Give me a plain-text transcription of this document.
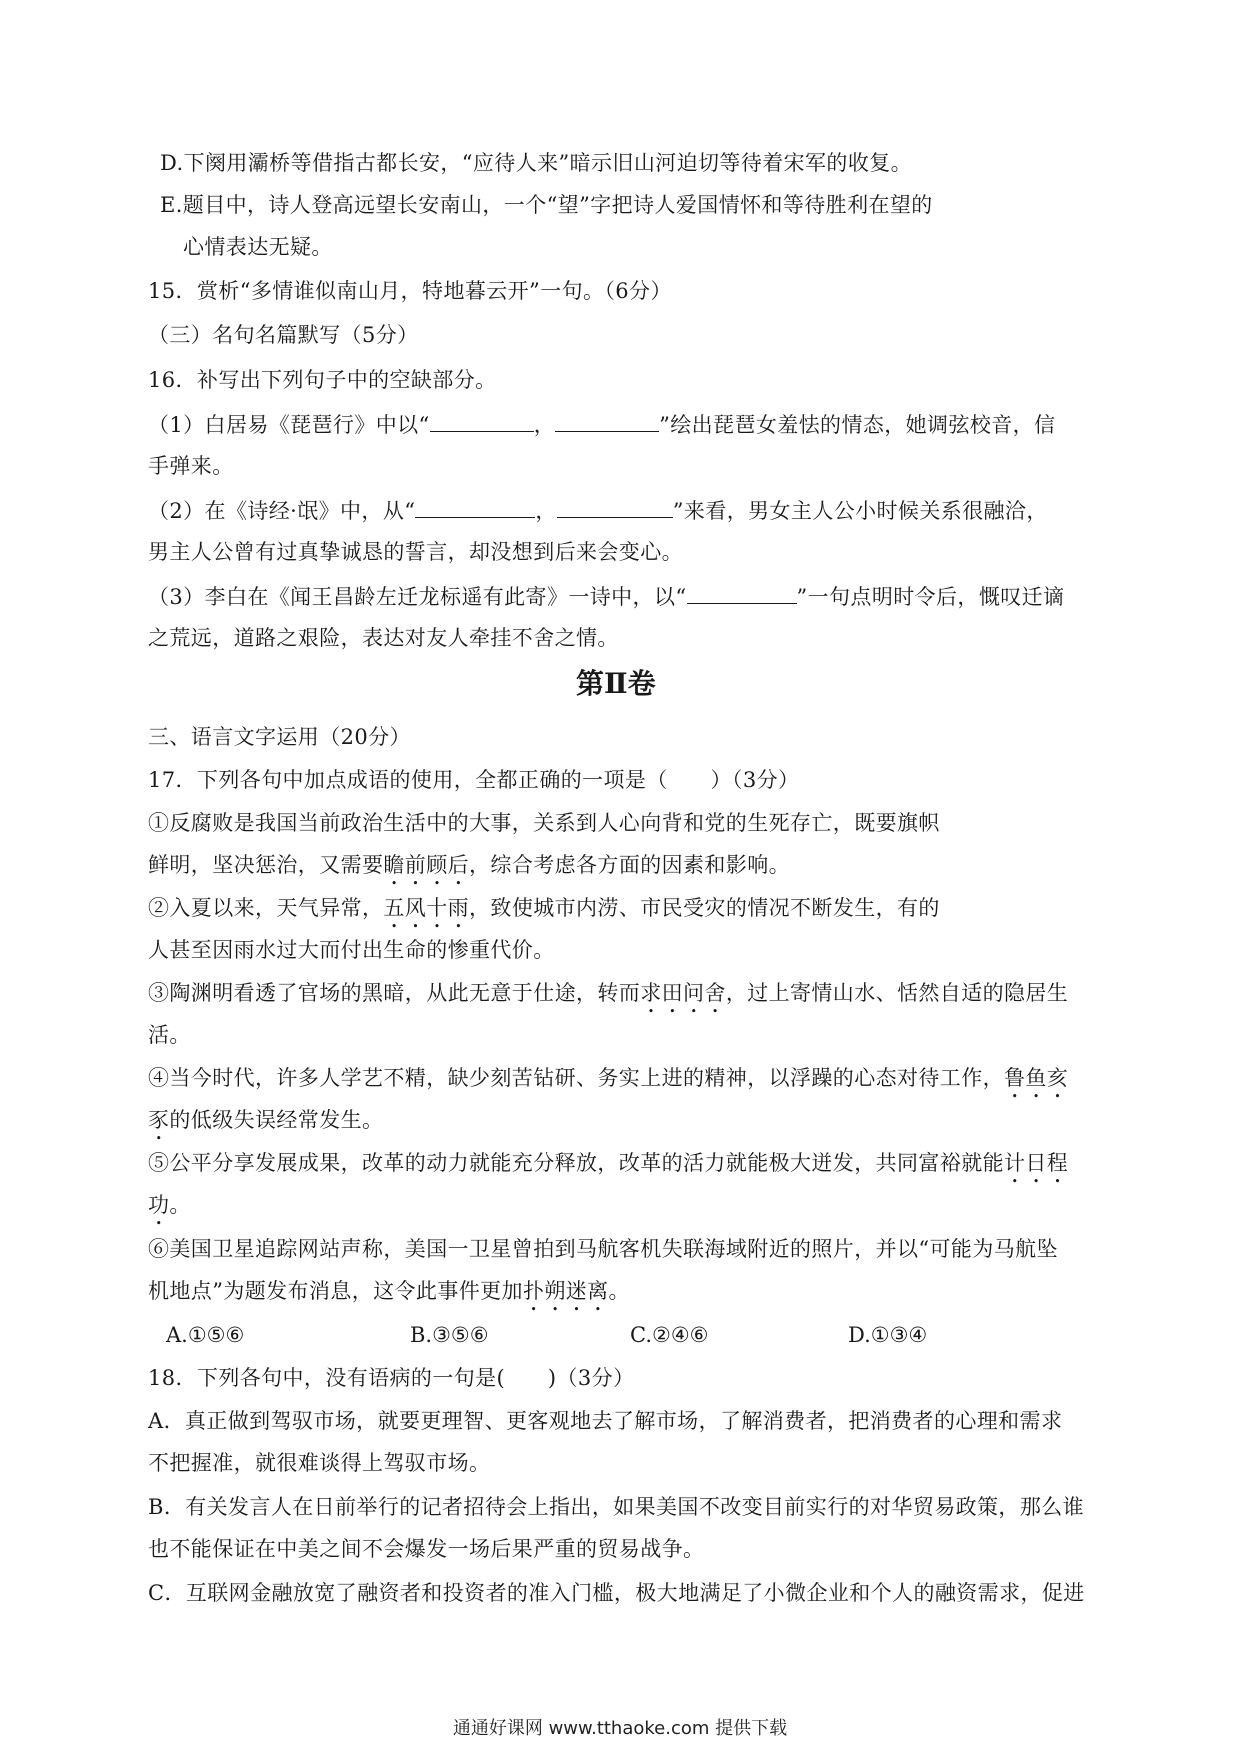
D.下阕用灞桥等借指古都长安，“应待人来”暗示旧山河迫切等待着宋军的收复。
E.题目中，诗人登高远望长安南山，一个“望”字把诗人爱国情怀和等待胜利在望的
心情表达无疑。
15．赏析“多情谁似南山月，特地暮云开”一句。（6分）
（三）名句名篇默写（5分）
16．补写出下列句子中的空缺部分。
（1）白居易《琵琶行》中以“	，	”绘出琵琶女羞怯的情态，她调弦校音，信
手弹来。
（2）在《诗经·氓》中，从“	，	”来看，男女主人公小时候关系很融洽，
男主人公曾有过真挚诚恳的誓言，却没想到后来会变心。
（3）李白在《闻王昌龄左迁龙标遥有此寄》一诗中，以“	”一句点明时令后，慨叹迁谪
之荒远，道路之艰险，表达对友人牵挂不舍之情。
第Ⅱ卷
三、语言文字运用（20分）
17．下列各句中加点成语的使用，全都正确的一项是（　　）（3分）
①反腐败是我国当前政治生活中的大事，关系到人心向背和党的生死存亡，既要旗帜
鲜明，坚决惩治，又需要瞻前顾后，综合考虑各方面的因素和影响。
②入夏以来，天气异常，五风十雨，致使城市内涝、市民受灾的情况不断发生，有的
人甚至因雨水过大而付出生命的惨重代价。
③陶渊明看透了官场的黑暗，从此无意于仕途，转而求田问舍，过上寄情山水、恬然自适的隐居生
活。
④当今时代，许多人学艺不精，缺少刻苦钻研、务实上进的精神，以浮躁的心态对待工作，鲁鱼亥
豕的低级失误经常发生。
⑤公平分享发展成果，改革的动力就能充分释放，改革的活力就能极大迸发，共同富裕就能计日程
功。
⑥美国卫星追踪网站声称，美国一卫星曾拍到马航客机失联海域附近的照片，并以“可能为马航坠
机地点”为题发布消息，这令此事件更加扑朔迷离。
A.①⑤⑥	B.③⑤⑥	C.②④⑥	D.①③④
18．下列各句中，没有语病的一句是(　　)（3分）
A．真正做到驾驭市场，就要更理智、更客观地去了解市场，了解消费者，把消费者的心理和需求
不把握准，就很难谈得上驾驭市场。
B．有关发言人在日前举行的记者招待会上指出，如果美国不改变目前实行的对华贸易政策，那么谁
也不能保证在中美之间不会爆发一场后果严重的贸易战争。
C．互联网金融放宽了融资者和投资者的准入门槛，极大地满足了小微企业和个人的融资需求，促进
通通好课网 www.tthaoke.com 提供下载
